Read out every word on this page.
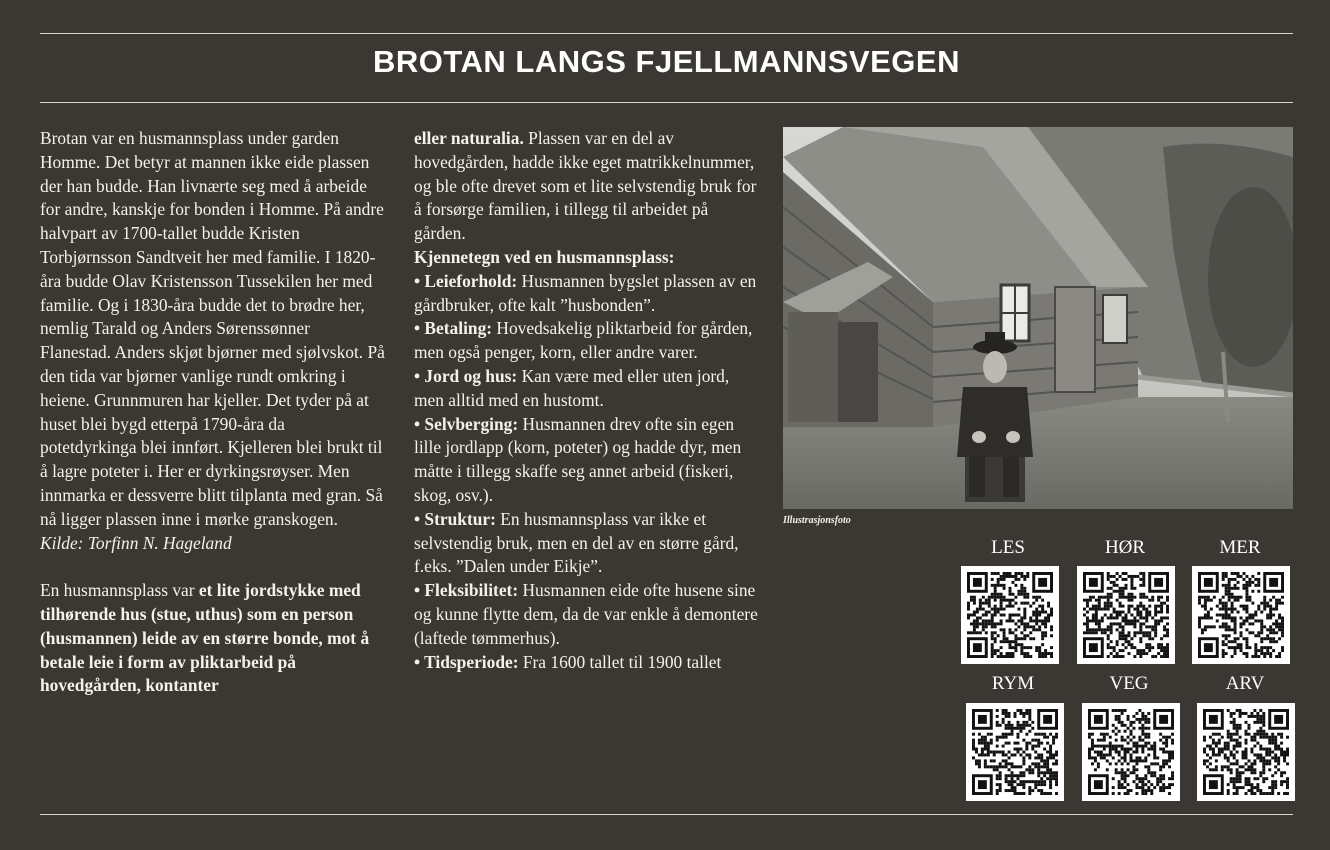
BROTAN LANGS FJELLMANNSVEGEN

Brotan var en husmannsplass under garden Homme. Det betyr at mannen ikke eide plassen der han budde. Han livnærte seg med å arbeide for andre, kanskje for bonden i Homme. På andre halvpart av 1700-tallet budde Kristen Torbjørnsson Sandtveit her med familie. I 1820-åra budde Olav Kristensson Tussekilen her med familie. Og i 1830-åra budde det to brødre her, nemlig Tarald og Anders Sørenssønner Flanestad. Anders skjøt bjørner med sjølvskot. På den tida var bjørner vanlige rundt omkring i heiene. Grunnmuren har kjeller. Det tyder på at huset blei bygd etterpå 1790-åra da potetdyrkinga blei innført. Kjelleren blei brukt til å lagre poteter i. Her er dyrkingsrøyser. Men innmarka er dessverre blitt tilplanta med gran. Så nå ligger plassen inne i mørke granskogen.

Kilde: Torfinn N. Hageland

En husmannsplass var et lite jordstykke med tilhørende hus (stue, uthus) som en person (husmannen) leide av en større bonde, mot å betale leie i form av pliktarbeid på hovedgården, kontanter

eller naturalia. Plassen var en del av hovedgården, hadde ikke eget matrikkelnummer, og ble ofte drevet som et lite selvstendig bruk for å forsørge familien, i tillegg til arbeidet på gården.

Kjennetegn ved en husmannsplass:

• Leieforhold: Husmannen bygslet plassen av en gårdbruker, ofte kalt ”husbonden”.

• Betaling: Hovedsakelig pliktarbeid for gården, men også penger, korn, eller andre varer.

• Jord og hus: Kan være med eller uten jord, men alltid med en hustomt.

• Selvberging: Husmannen drev ofte sin egen lille jordlapp (korn, poteter) og hadde dyr, men måtte i tillegg skaffe seg annet arbeid (fiskeri, skog, osv.).

• Struktur: En husmannsplass var ikke et selvstendig bruk, men en del av en større gård, f.eks. ”Dalen under Eikje”.

• Fleksibilitet: Husmannen eide ofte husene sine og kunne flytte dem, da de var enkle å demontere (laftede tømmerhus).

• Tidsperiode: Fra 1600 tallet til 1900 tallet

Illustrasjonsfoto
LES	HØR	MER
RYM	VEG	ARV
